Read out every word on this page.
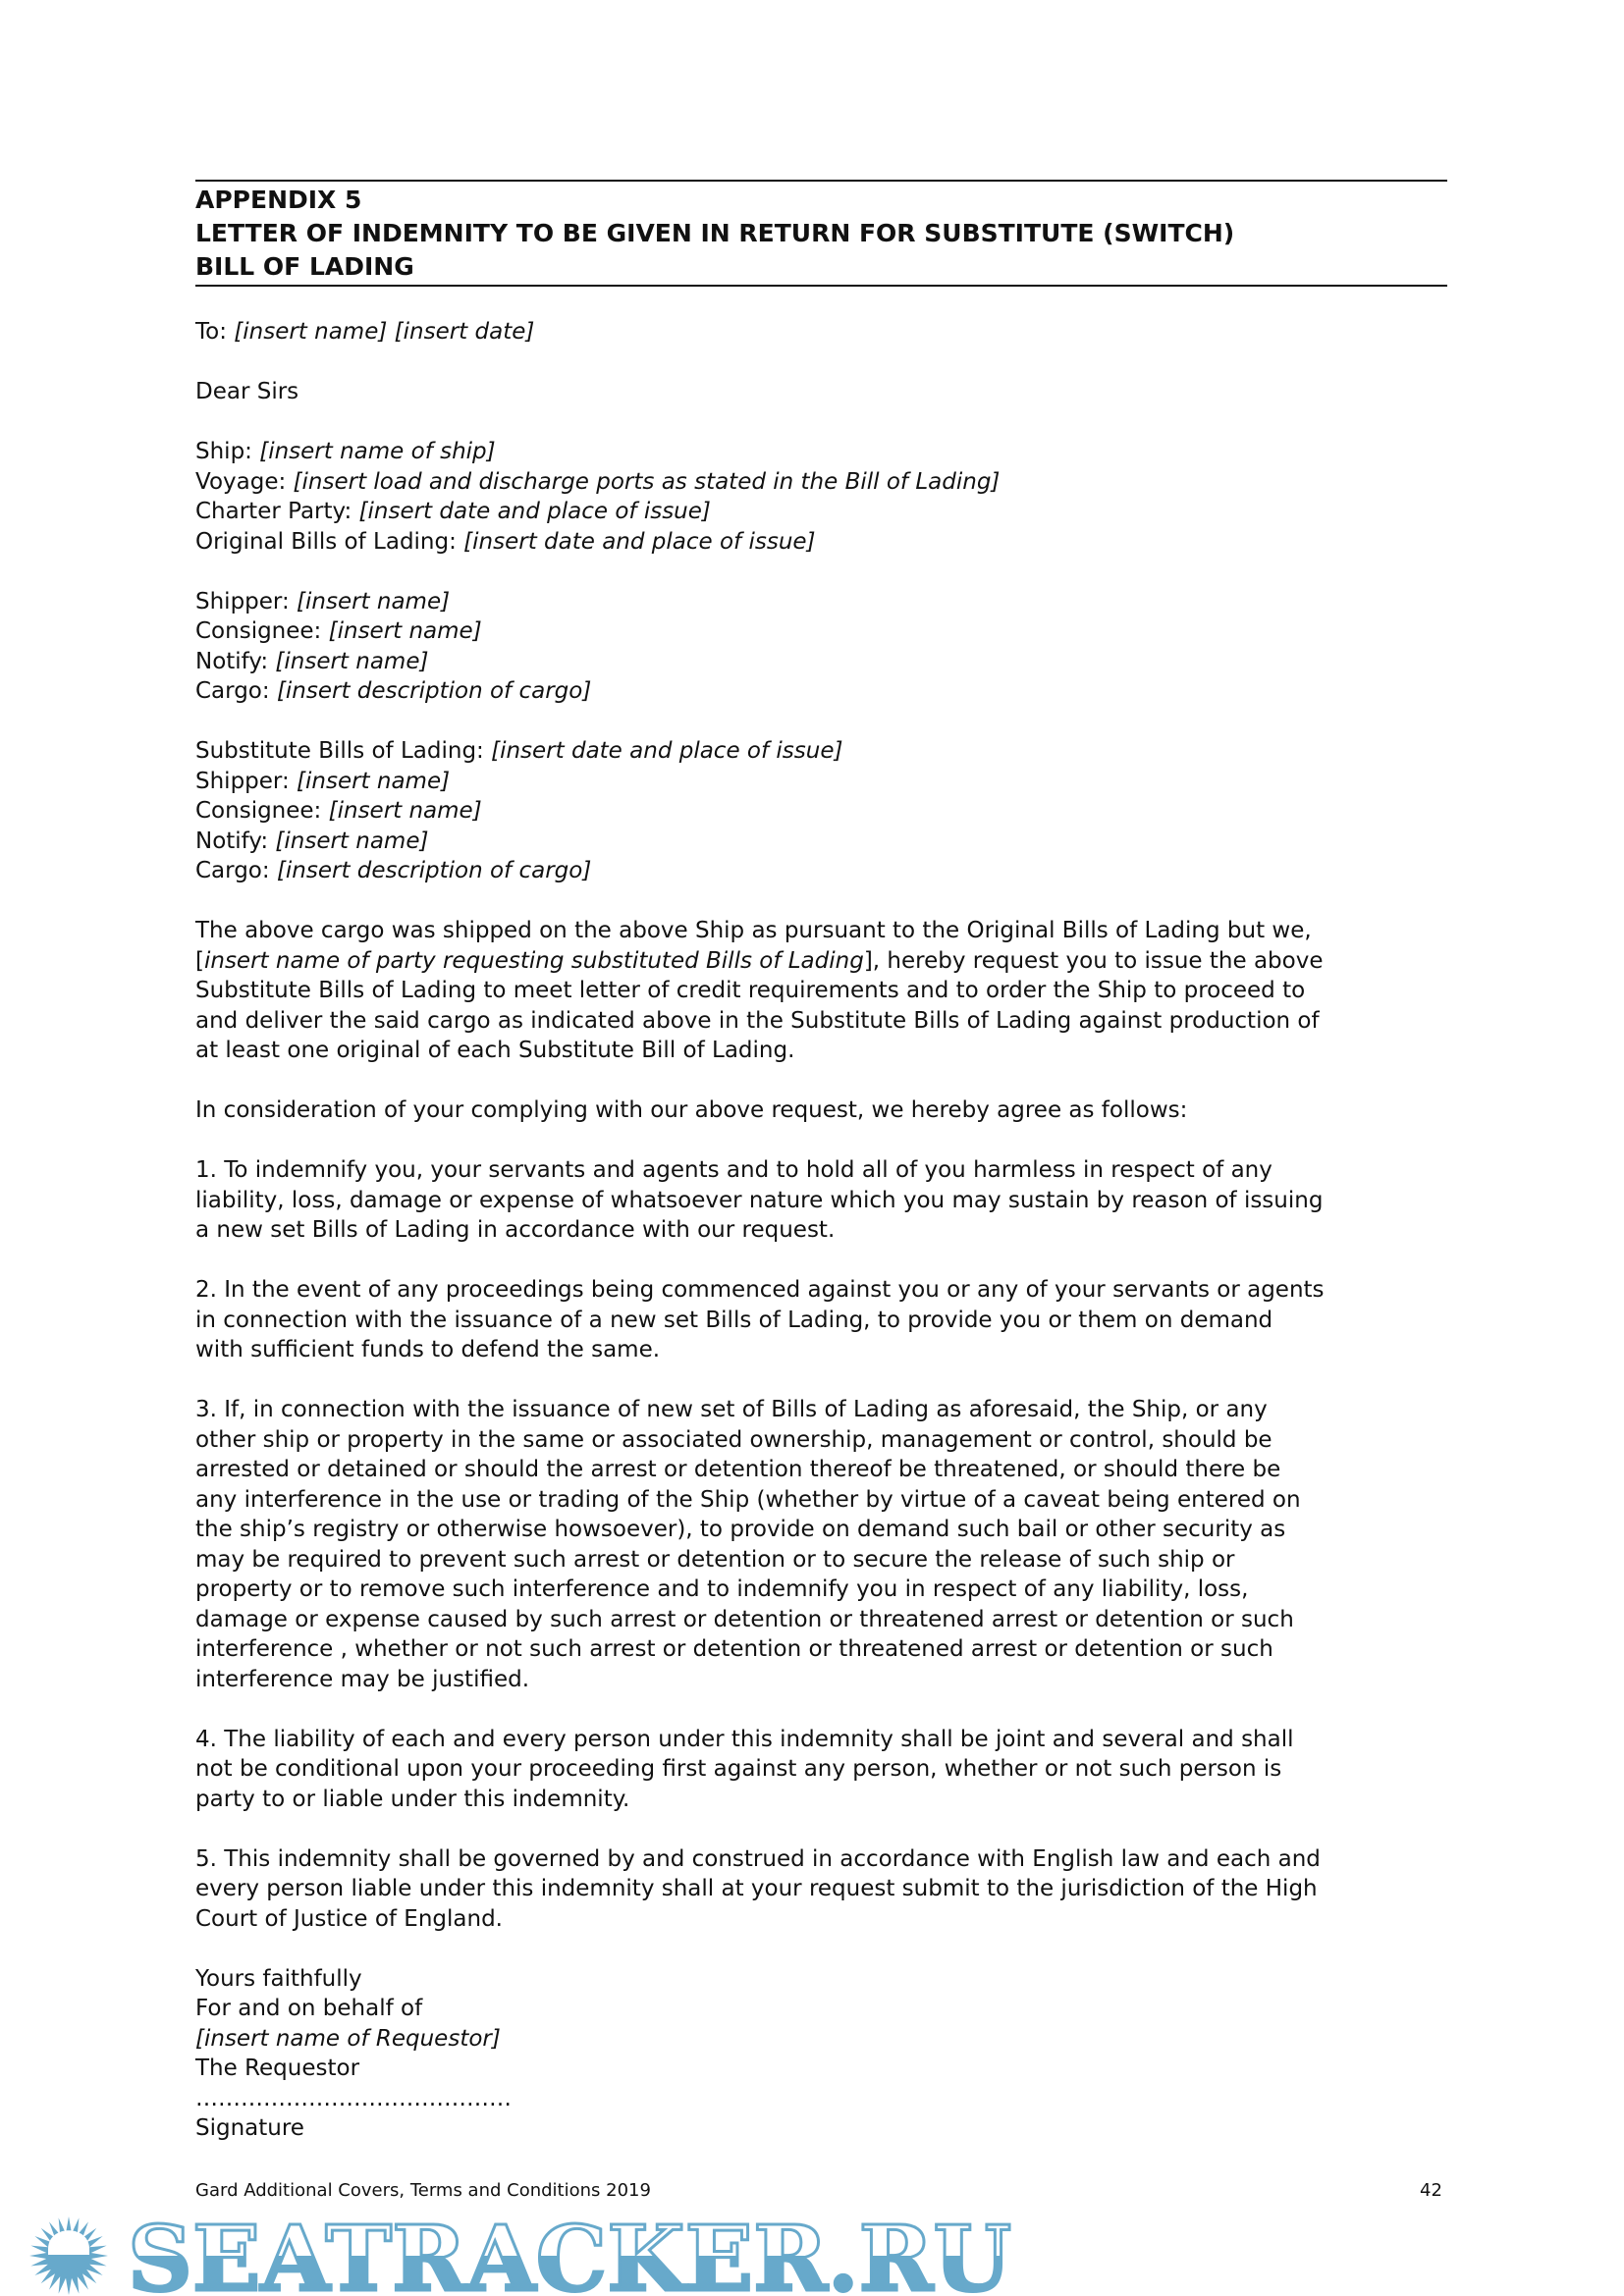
APPENDIX 5
LETTER OF INDEMNITY TO BE GIVEN IN RETURN FOR SUBSTITUTE (SWITCH)
BILL OF LADING
To: [insert name] [insert date]
Dear Sirs
Ship: [insert name of ship]
Voyage: [insert load and discharge ports as stated in the Bill of Lading]
Charter Party: [insert date and place of issue]
Original Bills of Lading: [insert date and place of issue]
Shipper: [insert name]
Consignee: [insert name]
Notify: [insert name]
Cargo: [insert description of cargo]
Substitute Bills of Lading: [insert date and place of issue]
Shipper: [insert name]
Consignee: [insert name]
Notify: [insert name]
Cargo: [insert description of cargo]
The above cargo was shipped on the above Ship as pursuant to the Original Bills of Lading but we,
[insert name of party requesting substituted Bills of Lading], hereby request you to issue the above
Substitute Bills of Lading to meet letter of credit requirements and to order the Ship to proceed to
and deliver the said cargo as indicated above in the Substitute Bills of Lading against production of
at least one original of each Substitute Bill of Lading.
In consideration of your complying with our above request, we hereby agree as follows:
1. To indemnify you, your servants and agents and to hold all of you harmless in respect of any
liability, loss, damage or expense of whatsoever nature which you may sustain by reason of issuing
a new set Bills of Lading in accordance with our request.
2. In the event of any proceedings being commenced against you or any of your servants or agents
in connection with the issuance of a new set Bills of Lading, to provide you or them on demand
with sufficient funds to defend the same.
3. If, in connection with the issuance of new set of Bills of Lading as aforesaid, the Ship, or any
other ship or property in the same or associated ownership, management or control, should be
arrested or detained or should the arrest or detention thereof be threatened, or should there be
any interference in the use or trading of the Ship (whether by virtue of a caveat being entered on
the ship’s registry or otherwise howsoever), to provide on demand such bail or other security as
may be required to prevent such arrest or detention or to secure the release of such ship or
property or to remove such interference and to indemnify you in respect of any liability, loss,
damage or expense caused by such arrest or detention or threatened arrest or detention or such
interference , whether or not such arrest or detention or threatened arrest or detention or such
interference may be justified.
4. The liability of each and every person under this indemnity shall be joint and several and shall
not be conditional upon your proceeding first against any person, whether or not such person is
party to or liable under this indemnity.
5. This indemnity shall be governed by and construed in accordance with English law and each and
every person liable under this indemnity shall at your request submit to the jurisdiction of the High
Court of Justice of England.
Yours faithfully
For and on behalf of
[insert name of Requestor]
The Requestor
……………………………………
Signature
Gard Additional Covers, Terms and Conditions 2019	42
SEATRACKER.RU
